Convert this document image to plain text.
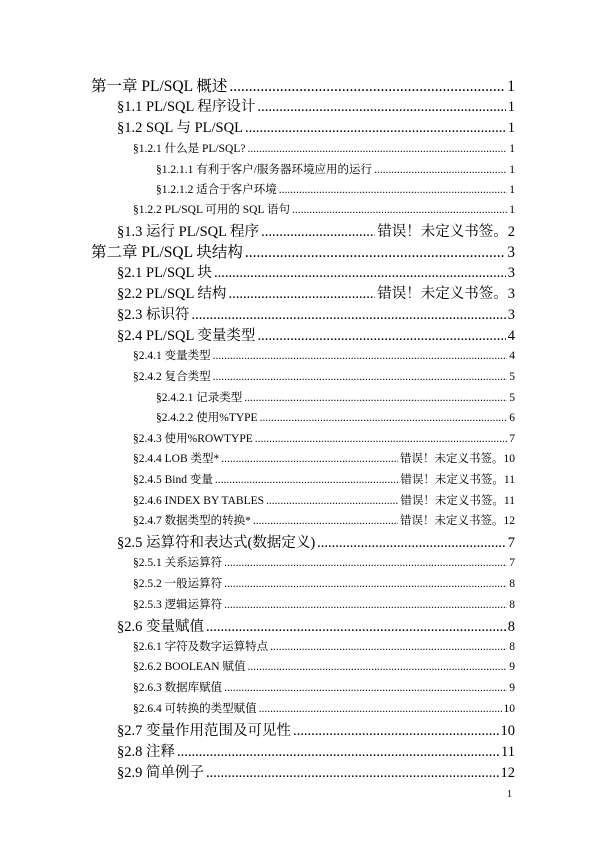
第一章 PL/SQL 概述 .....	1
§1.1 PL/SQL 程序设计 .....	1
§1.2 SQL 与 PL/SQL .....	1
§1.2.1 什么是 PL/SQL? .....	1
§1.2.1.1 有利于客户/服务器环境应用的运行 .....	1
§1.2.1.2 适合于客户环境 .....	1
§1.2.2 PL/SQL 可用的 SQL 语句 .....	1
§1.3 运行 PL/SQL 程序 .....	错误！未定义书签。2
第二章 PL/SQL 块结构 .....	3
§2.1 PL/SQL 块 .....	3
§2.2 PL/SQL 结构 .....	错误！未定义书签。3
§2.3 标识符 .....	3
§2.4 PL/SQL 变量类型 .....	4
§2.4.1 变量类型 .....	4
§2.4.2 复合类型 .....	5
§2.4.2.1 记录类型 .....	5
§2.4.2.2 使用%TYPE .....	6
§2.4.3 使用%ROWTYPE .....	7
§2.4.4 LOB 类型* .....	错误！未定义书签。10
§2.4.5 Bind 变量 .....	错误！未定义书签。11
§2.4.6 INDEX BY TABLES .....	错误！未定义书签。11
§2.4.7 数据类型的转换* .....	错误！未定义书签。12
§2.5 运算符和表达式(数据定义) .....	7
§2.5.1 关系运算符 .....	7
§2.5.2 一般运算符 .....	8
§2.5.3 逻辑运算符 .....	8
§2.6 变量赋值 .....	8
§2.6.1 字符及数字运算特点 .....	8
§2.6.2 BOOLEAN 赋值 .....	9
§2.6.3 数据库赋值 .....	9
§2.6.4 可转换的类型赋值 .....	10
§2.7 变量作用范围及可见性 .....	10
§2.8 注释 .....	11
§2.9 简单例子 .....	12
1
